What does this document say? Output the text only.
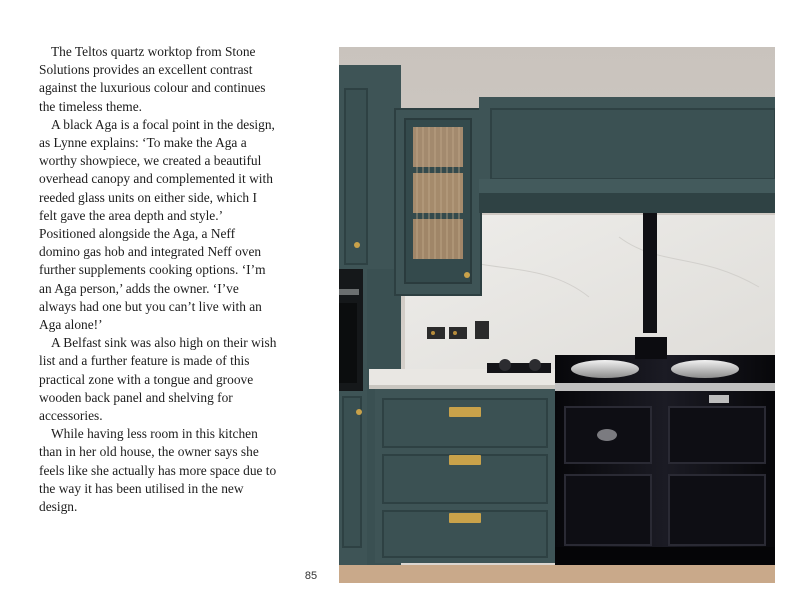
The Teltos quartz worktop from Stone Solutions provides an excellent contrast against the luxurious colour and continues the timeless theme.

A black Aga is a focal point in the design, as Lynne explains: ‘To make the Aga a worthy showpiece, we created a beautiful overhead canopy and complemented it with reeded glass units on either side, which I felt gave the area depth and style.’ Positioned alongside the Aga, a Neff domino gas hob and integrated Neff oven further supplements cooking options. ‘I’m an Aga person,’ adds the owner. ‘I’ve always had one but you can’t live with an Aga alone!’

A Belfast sink was also high on their wish list and a further feature is made of this practical zone with a tongue and groove wooden back panel and shelving for accessories.

While having less room in this kitchen than in her old house, the owner says she feels like she actually has more space due to the way it has been utilised in the new design.

85
